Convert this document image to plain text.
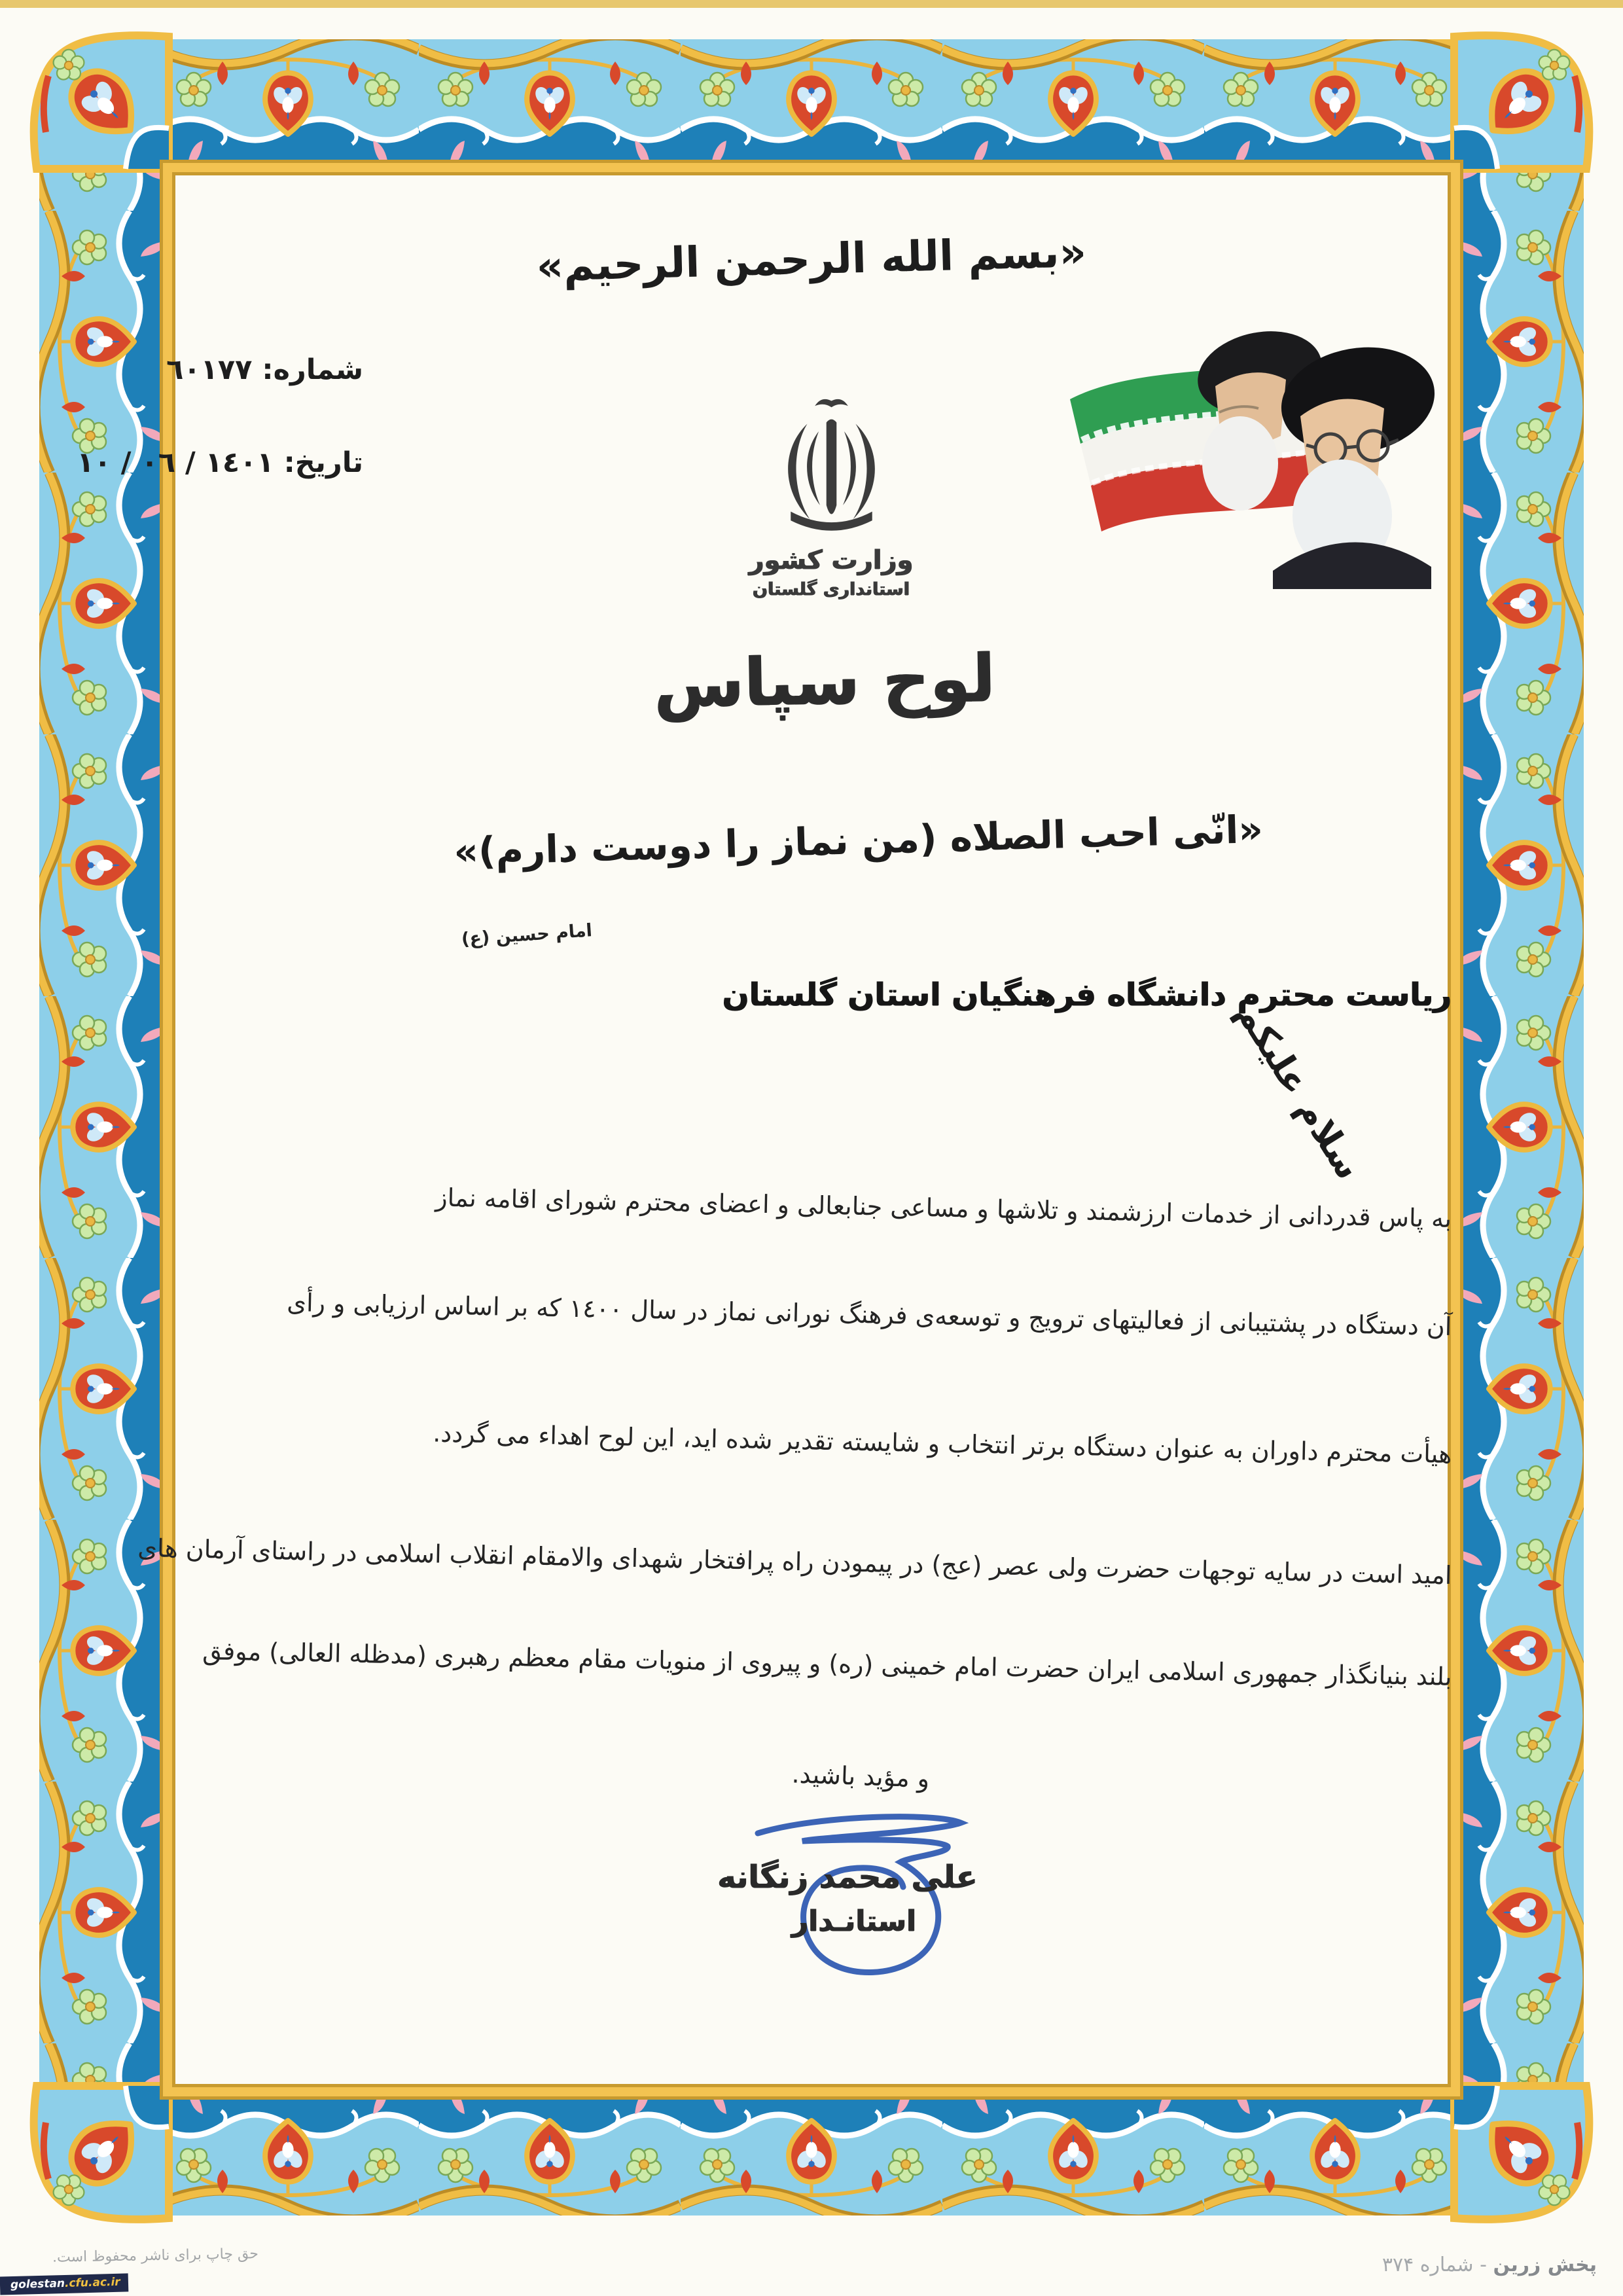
«بسم الله الرحمن الرحیم»
شماره: ٦٠١٧٧
تاریخ: ١٤٠١ / ٠٦ / ١٠
وزارت کشور
استانداری گلستان
لوح سپاس
«انّی احب الصلاه (من نماز را دوست دارم)»
امام حسین (ع)
ریاست محترم دانشگاه فرهنگیان استان گلستان
سلام علیکم

به پاس قدردانی از خدمات ارزشمند و تلاشها و مساعی جنابعالی و اعضای محترم شورای اقامه نماز

آن دستگاه در پشتیبانی از فعالیتهای ترویج و توسعه‌ی فرهنگ نورانی نماز در سال ١٤٠٠ که بر اساس ارزیابی و رأی

هیأت محترم داوران به عنوان دستگاه برتر انتخاب و شایسته تقدیر شده اید، این لوح اهداء می گردد.

امید است در سایه توجهات حضرت ولی عصر (عج) در پیمودن راه پرافتخار شهدای والامقام انقلاب اسلامی در راستای آرمان های

بلند بنیانگذار جمهوری اسلامی ایران حضرت امام خمینی (ره) و پیروی از منویات مقام معظم رهبری (مدظله العالی) موفق

و مؤید باشید.

علی محمد زنگانه
استانـدار
حق چاپ برای ناشر محفوظ است.
golestan.cfu.ac.ir
پخش زرین - شماره ۳۷۴
